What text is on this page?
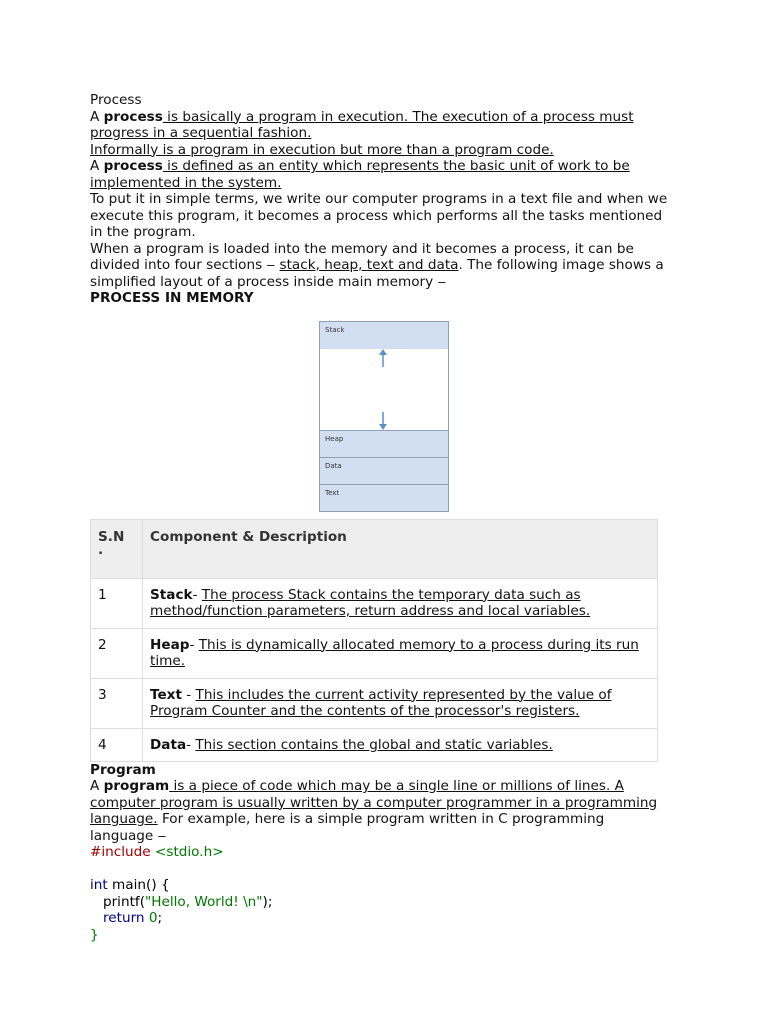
Process
A process is basically a program in execution. The execution of a process must
progress in a sequential fashion.
Informally is a program in execution but more than a program code.
A process is defined as an entity which represents the basic unit of work to be
implemented in the system.
To put it in simple terms, we write our computer programs in a text file and when we
execute this program, it becomes a process which performs all the tasks mentioned
in the program.
When a program is loaded into the memory and it becomes a process, it can be
divided into four sections ‒ stack, heap, text and data. The following image shows a
simplified layout of a process inside main memory ‒
PROCESS IN MEMORY
Stack
Heap
Data
Text
S.N
.	Component & Description

1	Stack- The process Stack contains the temporary data such as
method/function parameters, return address and local variables.

2	Heap- This is dynamically allocated memory to a process during its run
time.

3	Text - This includes the current activity represented by the value of
Program Counter and the contents of the processor's registers.

4	Data- This section contains the global and static variables.
Program
A program is a piece of code which may be a single line or millions of lines. A
computer program is usually written by a computer programmer in a programming
language. For example, here is a simple program written in C programming
language ‒
#include <stdio.h>

int main() {
printf("Hello, World! \n");
return 0;
}
